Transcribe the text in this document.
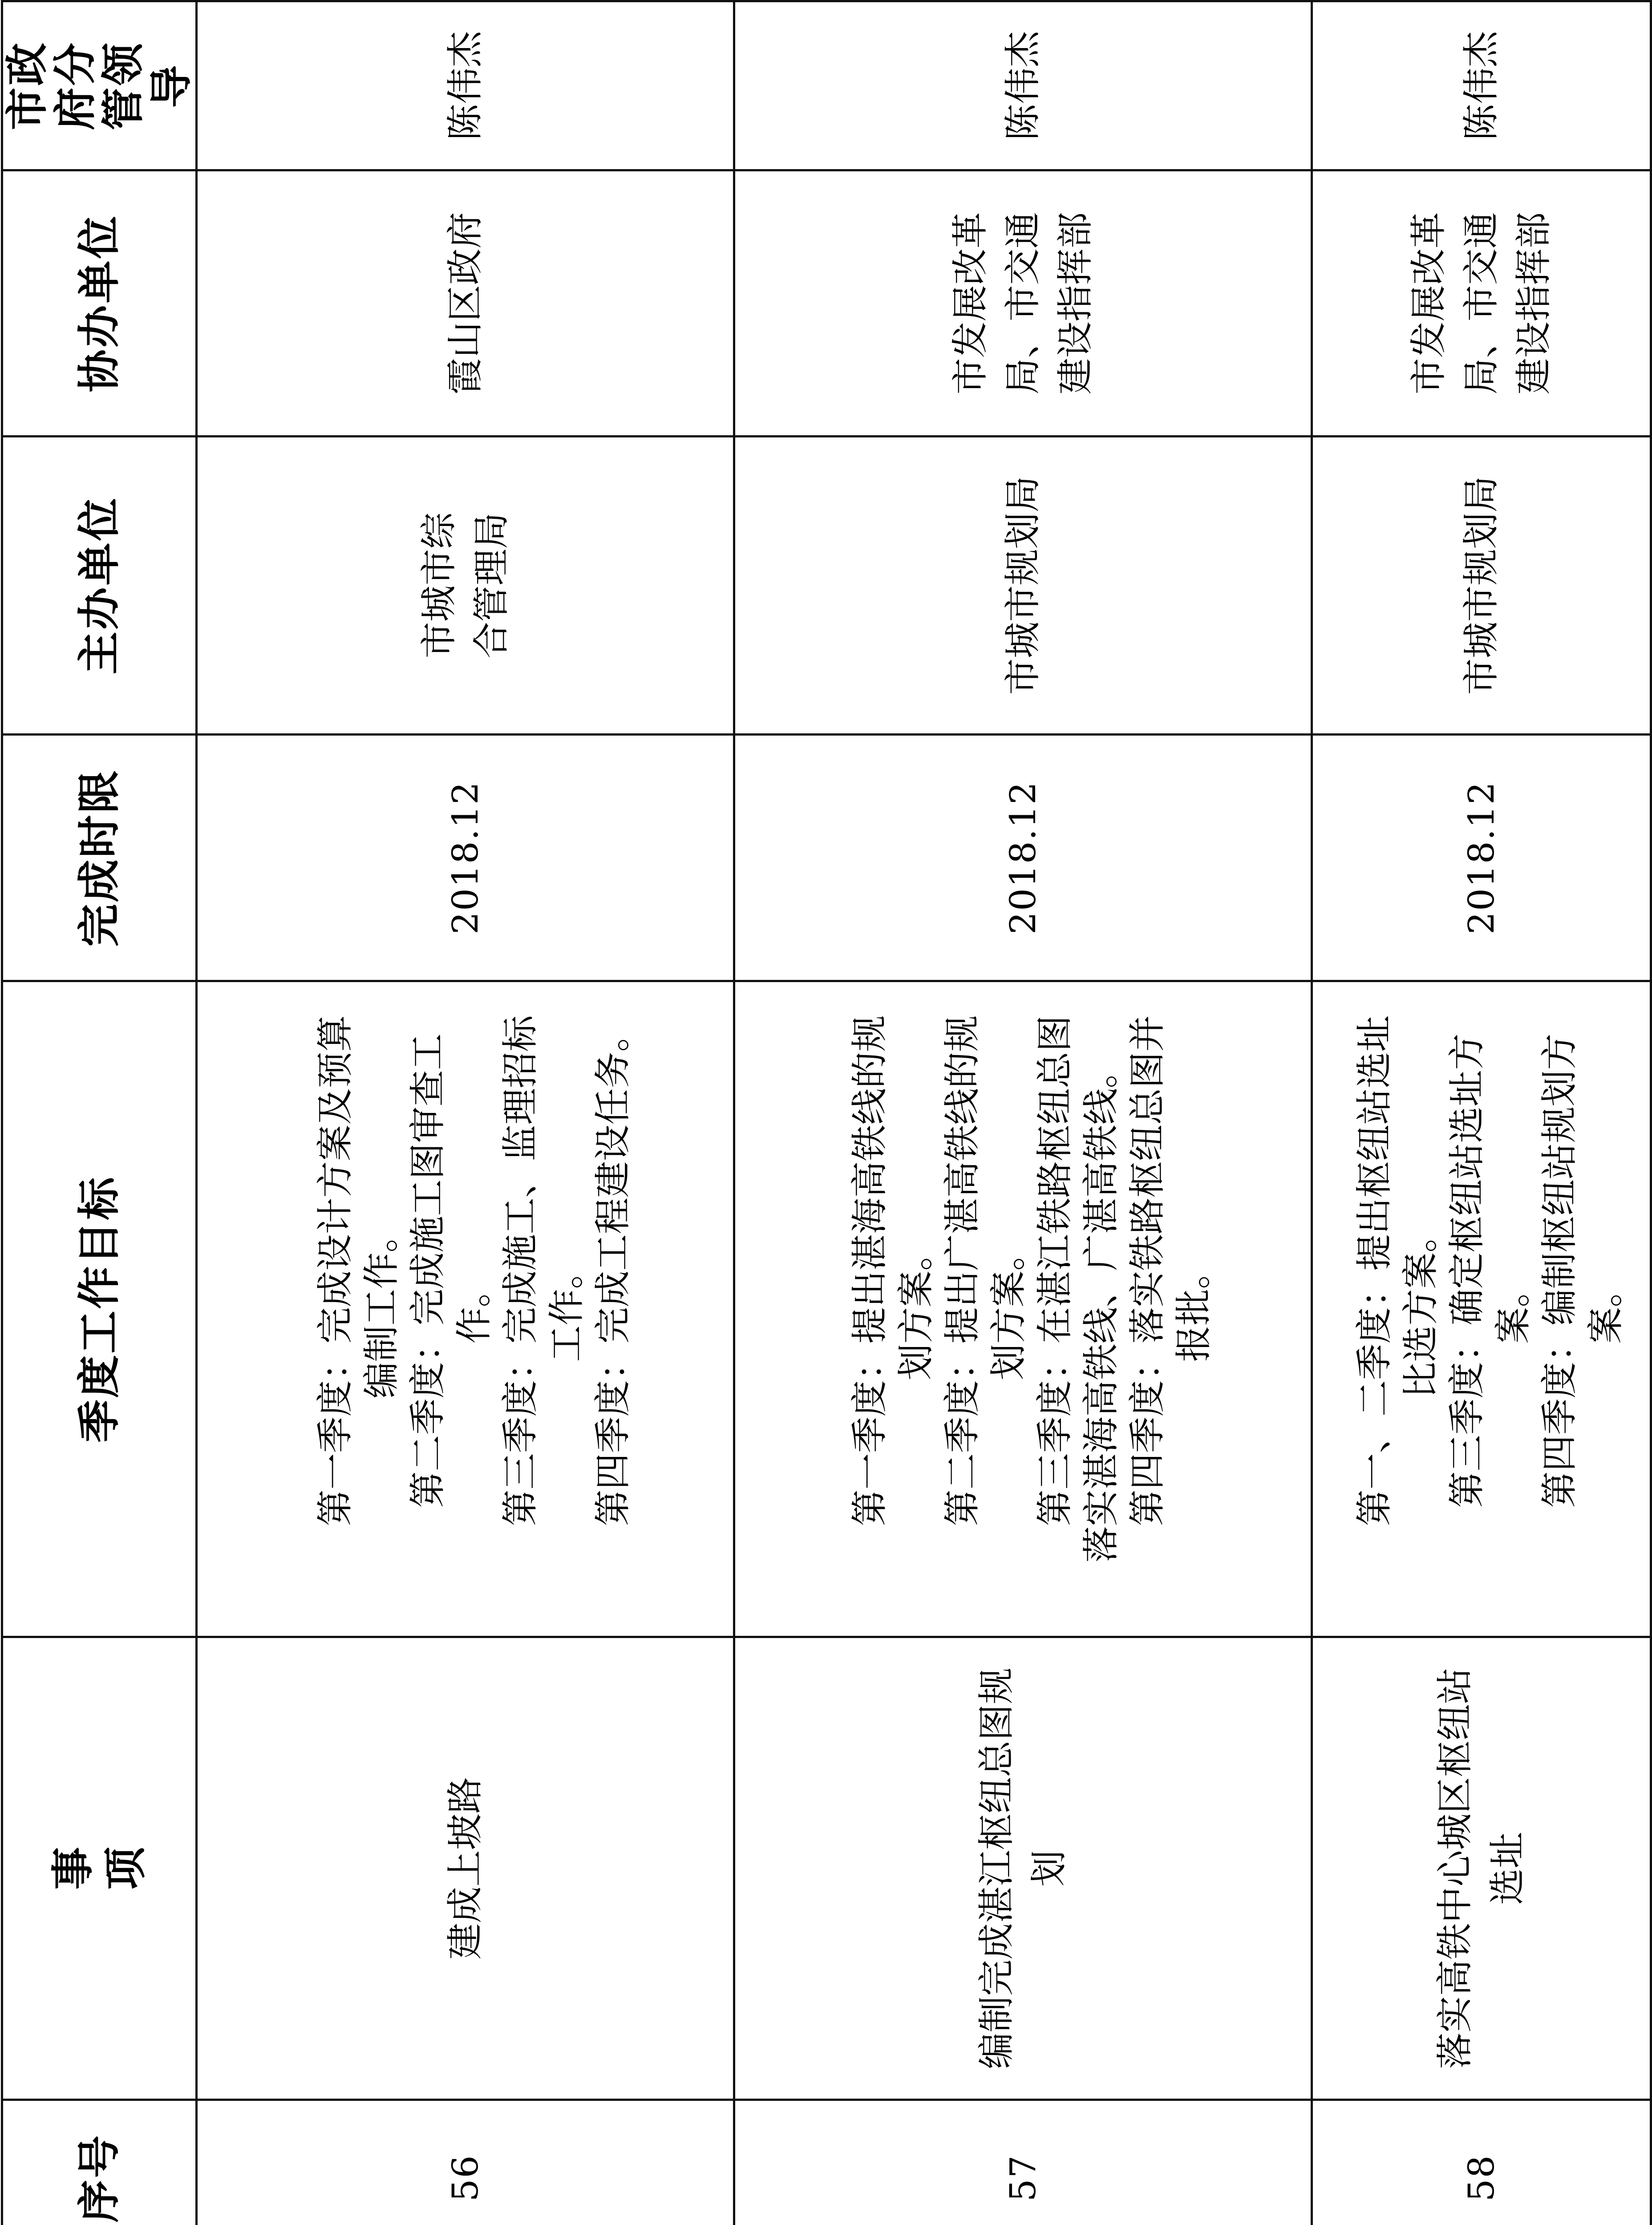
序号	事项	季度工作目标	完成时限	主办单位	协办单位	市政府分管领导
56	建成上坡路	第一季度：完成设计方案及预算编制工作。 第二季度：完成施工图审查工作。 第三季度：完成施工、监理招标工作。 第四季度：完成工程建设任务。	2018.12	市城市综合管理局	霞山区政府	陈伟杰
57	编制完成湛江枢纽总图规划	第一季度：提出湛海高铁线的规划方案。 第二季度：提出广湛高铁线的规划方案。 第三季度：在湛江铁路枢纽总图落实湛海高铁线、广湛高铁线。 第四季度：落实铁路枢纽总图并报批。	2018.12	市城市规划局	市发展改革局、市交通建设指挥部	陈伟杰
58	落实高铁中心城区枢纽站选址	第一、二季度：提出枢纽站选址比选方案。 第三季度：确定枢纽站选址方案。 第四季度：编制枢纽站规划方案。	2018.12	市城市规划局	市发展改革局、市交通建设指挥部	陈伟杰
